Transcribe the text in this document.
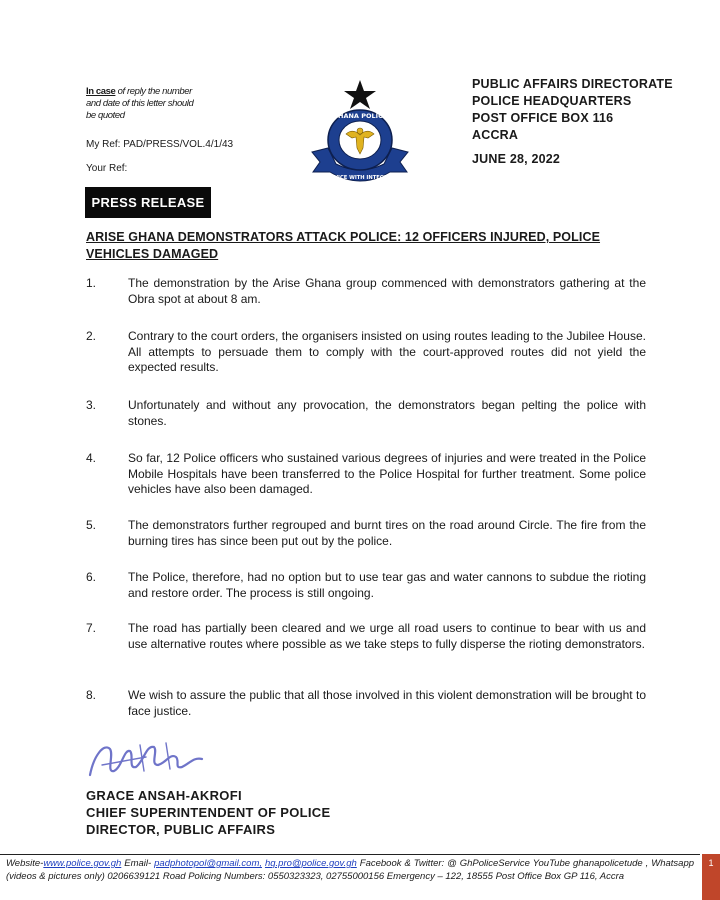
In case of reply the number and date of this letter should be quoted
My Ref: PAD/PRESS/VOL.4/1/43
Your Ref:
GHANA POLICE
SERVICE WITH INTEGRITY
PUBLIC AFFAIRS DIRECTORATE
POLICE HEADQUARTERS
POST OFFICE BOX 116
ACCRA
JUNE 28, 2022
PRESS RELEASE
ARISE GHANA DEMONSTRATORS ATTACK POLICE: 12 OFFICERS INJURED, POLICE VEHICLES DAMAGED
1.	The demonstration by the Arise Ghana group commenced with demonstrators gathering at the Obra spot at about 8 am.
2.	Contrary to the court orders, the organisers insisted on using routes leading to the Jubilee House. All attempts to persuade them to comply with the court-approved routes did not yield the expected results.
3.	Unfortunately and without any provocation, the demonstrators began pelting the police with stones.
4.	So far, 12 Police officers who sustained various degrees of injuries and were treated in the Police Mobile Hospitals have been transferred to the Police Hospital for further treatment. Some police vehicles have also been damaged.
5.	The demonstrators further regrouped and burnt tires on the road around Circle. The fire from the burning tires has since been put out by the police.
6.	The Police, therefore, had no option but to use tear gas and water cannons to subdue the rioting and restore order. The process is still ongoing.
7.	The road has partially been cleared and we urge all road users to continue to bear with us and use alternative routes where possible as we take steps to fully disperse the rioting demonstrators.
8.	We wish to assure the public that all those involved in this violent demonstration will be brought to face justice.
GRACE ANSAH-AKROFI
CHIEF SUPERINTENDENT OF POLICE
DIRECTOR, PUBLIC AFFAIRS
Website-www.police.gov.gh Email- padphotopol@gmail.com, hq.pro@police.gov.gh Facebook & Twitter: @ GhPoliceService YouTube ghanapolicetude , Whatsapp (videos & pictures only) 0206639121 Road Policing Numbers: 0550323323, 02755000156 Emergency – 122, 18555 Post Office Box GP 116, Accra
1
